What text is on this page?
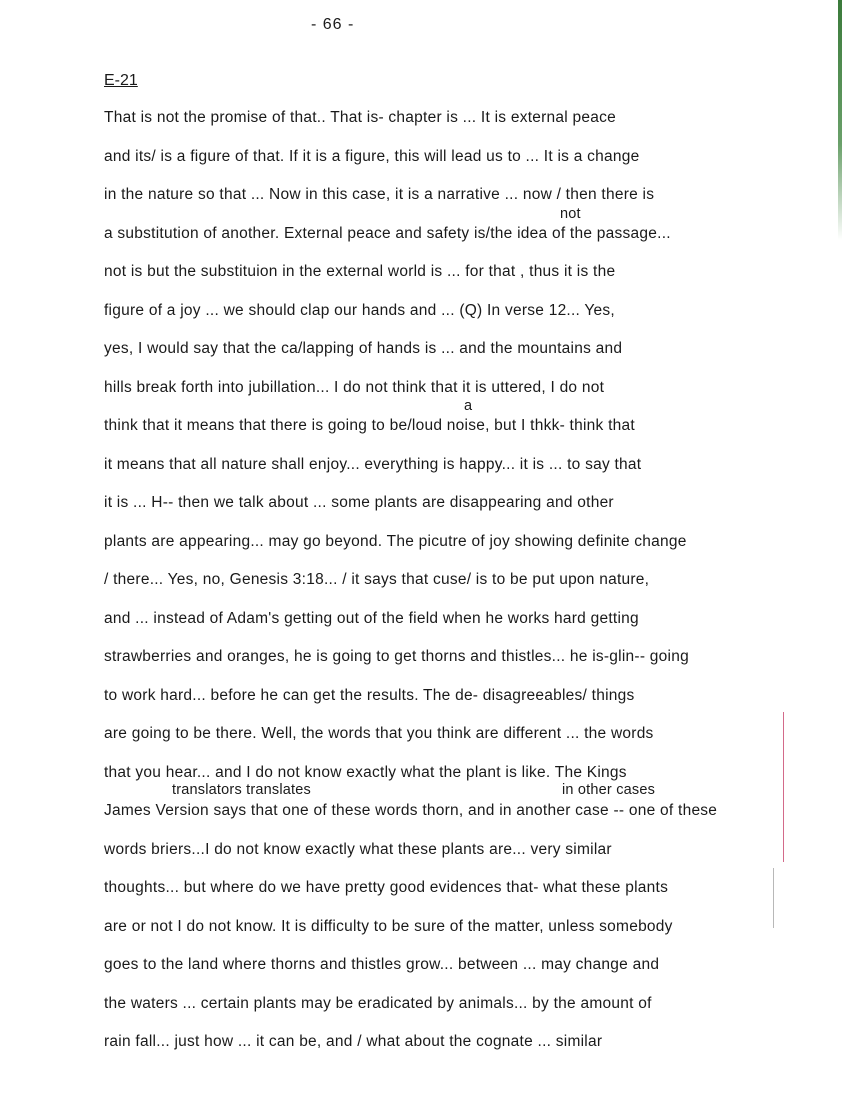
- 66 -
E-21
That is not the promise of that.. That is- chapter is ... It is external peace
and its/ is a figure of that. If it is a figure, this will lead us to ... It is a change
in the nature so that ... Now in this case, it is a narrative ... now / then there is
not
a substitution of another. External peace and safety is/the idea of the passage...
not is but the substituion in the external world is ... for that , thus it is the
figure of a joy ... we should clap our hands and ... (Q) In verse 12... Yes,
yes, I would say that the ca/lapping of hands is ... and the mountains and
hills break forth into jubillation... I do not think that it is uttered, I do not
a
think that it means that there is going to be/loud noise, but I thkk- think that
it means that all nature shall enjoy... everything is happy... it is ... to say that
it is ... H-- then we talk about ... some plants are disappearing and other
plants are appearing... may go beyond. The picutre of joy showing definite change
/ there... Yes, no, Genesis 3:18... / it says that cuse/ is to be put upon nature,
and ... instead of Adam's getting out of the field when he works hard getting
strawberries and oranges, he is going to get thorns and thistles... he is-glin-- going
to work hard... before he can get the results. The de- disagreeables/ things
are going to be there. Well, the words that you think are different ... the words
that you hear... and I do not know exactly what the plant is like. The Kings
translators translates	in other cases
James Version says that one of these words thorn, and in another case -- one of these
words briers...I do not know exactly what these plants are... very similar
thoughts... but where do we have pretty good evidences that- what these plants
are or not I do not know. It is difficulty to be sure of the matter, unless somebody
goes to the land where thorns and thistles grow... between ... may change and
the waters ... certain plants may be eradicated by animals... by the amount of
rain fall... just how ... it can be, and / what about the cognate ... similar
